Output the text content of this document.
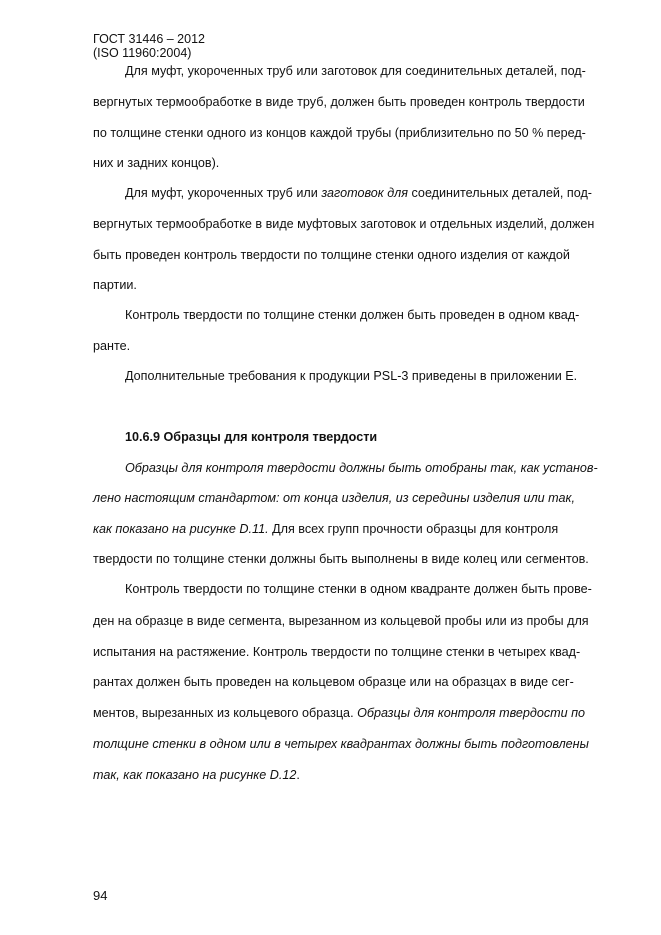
ГОСТ 31446 – 2012
(ISO 11960:2004)
Для муфт, укороченных труб или заготовок для соединительных деталей, под-
вергнутых термообработке в виде труб, должен быть проведен контроль твердости
по толщине стенки одного из концов каждой трубы (приблизительно по 50 % перед-
них и задних концов).
Для муфт, укороченных труб или заготовок для соединительных деталей, под-
вергнутых термообработке в виде муфтовых заготовок и отдельных изделий, должен
быть проведен контроль твердости по толщине стенки одного изделия от каждой
партии.
Контроль твердости по толщине стенки должен быть проведен в одном квад-
ранте.
Дополнительные требования к продукции PSL-3 приведены в приложении Е.
10.6.9 Образцы для контроля твердости
Образцы для контроля твердости должны быть отобраны так, как установ-
лено настоящим стандартом: от конца изделия, из середины изделия или так,
как показано на рисунке D.11. Для всех групп прочности образцы для контроля
твердости по толщине стенки должны быть выполнены в виде колец или сегментов.
Контроль твердости по толщине стенки в одном квадранте должен быть прове-
ден на образце в виде сегмента, вырезанном из кольцевой пробы или из пробы для
испытания на растяжение. Контроль твердости по толщине стенки в четырех квад-
рантах должен быть проведен на кольцевом образце или на образцах в виде сег-
ментов, вырезанных из кольцевого образца. Образцы для контроля твердости по
толщине стенки в одном или в четырех квадрантах должны быть подготовлены
так, как показано на рисунке D.12.
94
